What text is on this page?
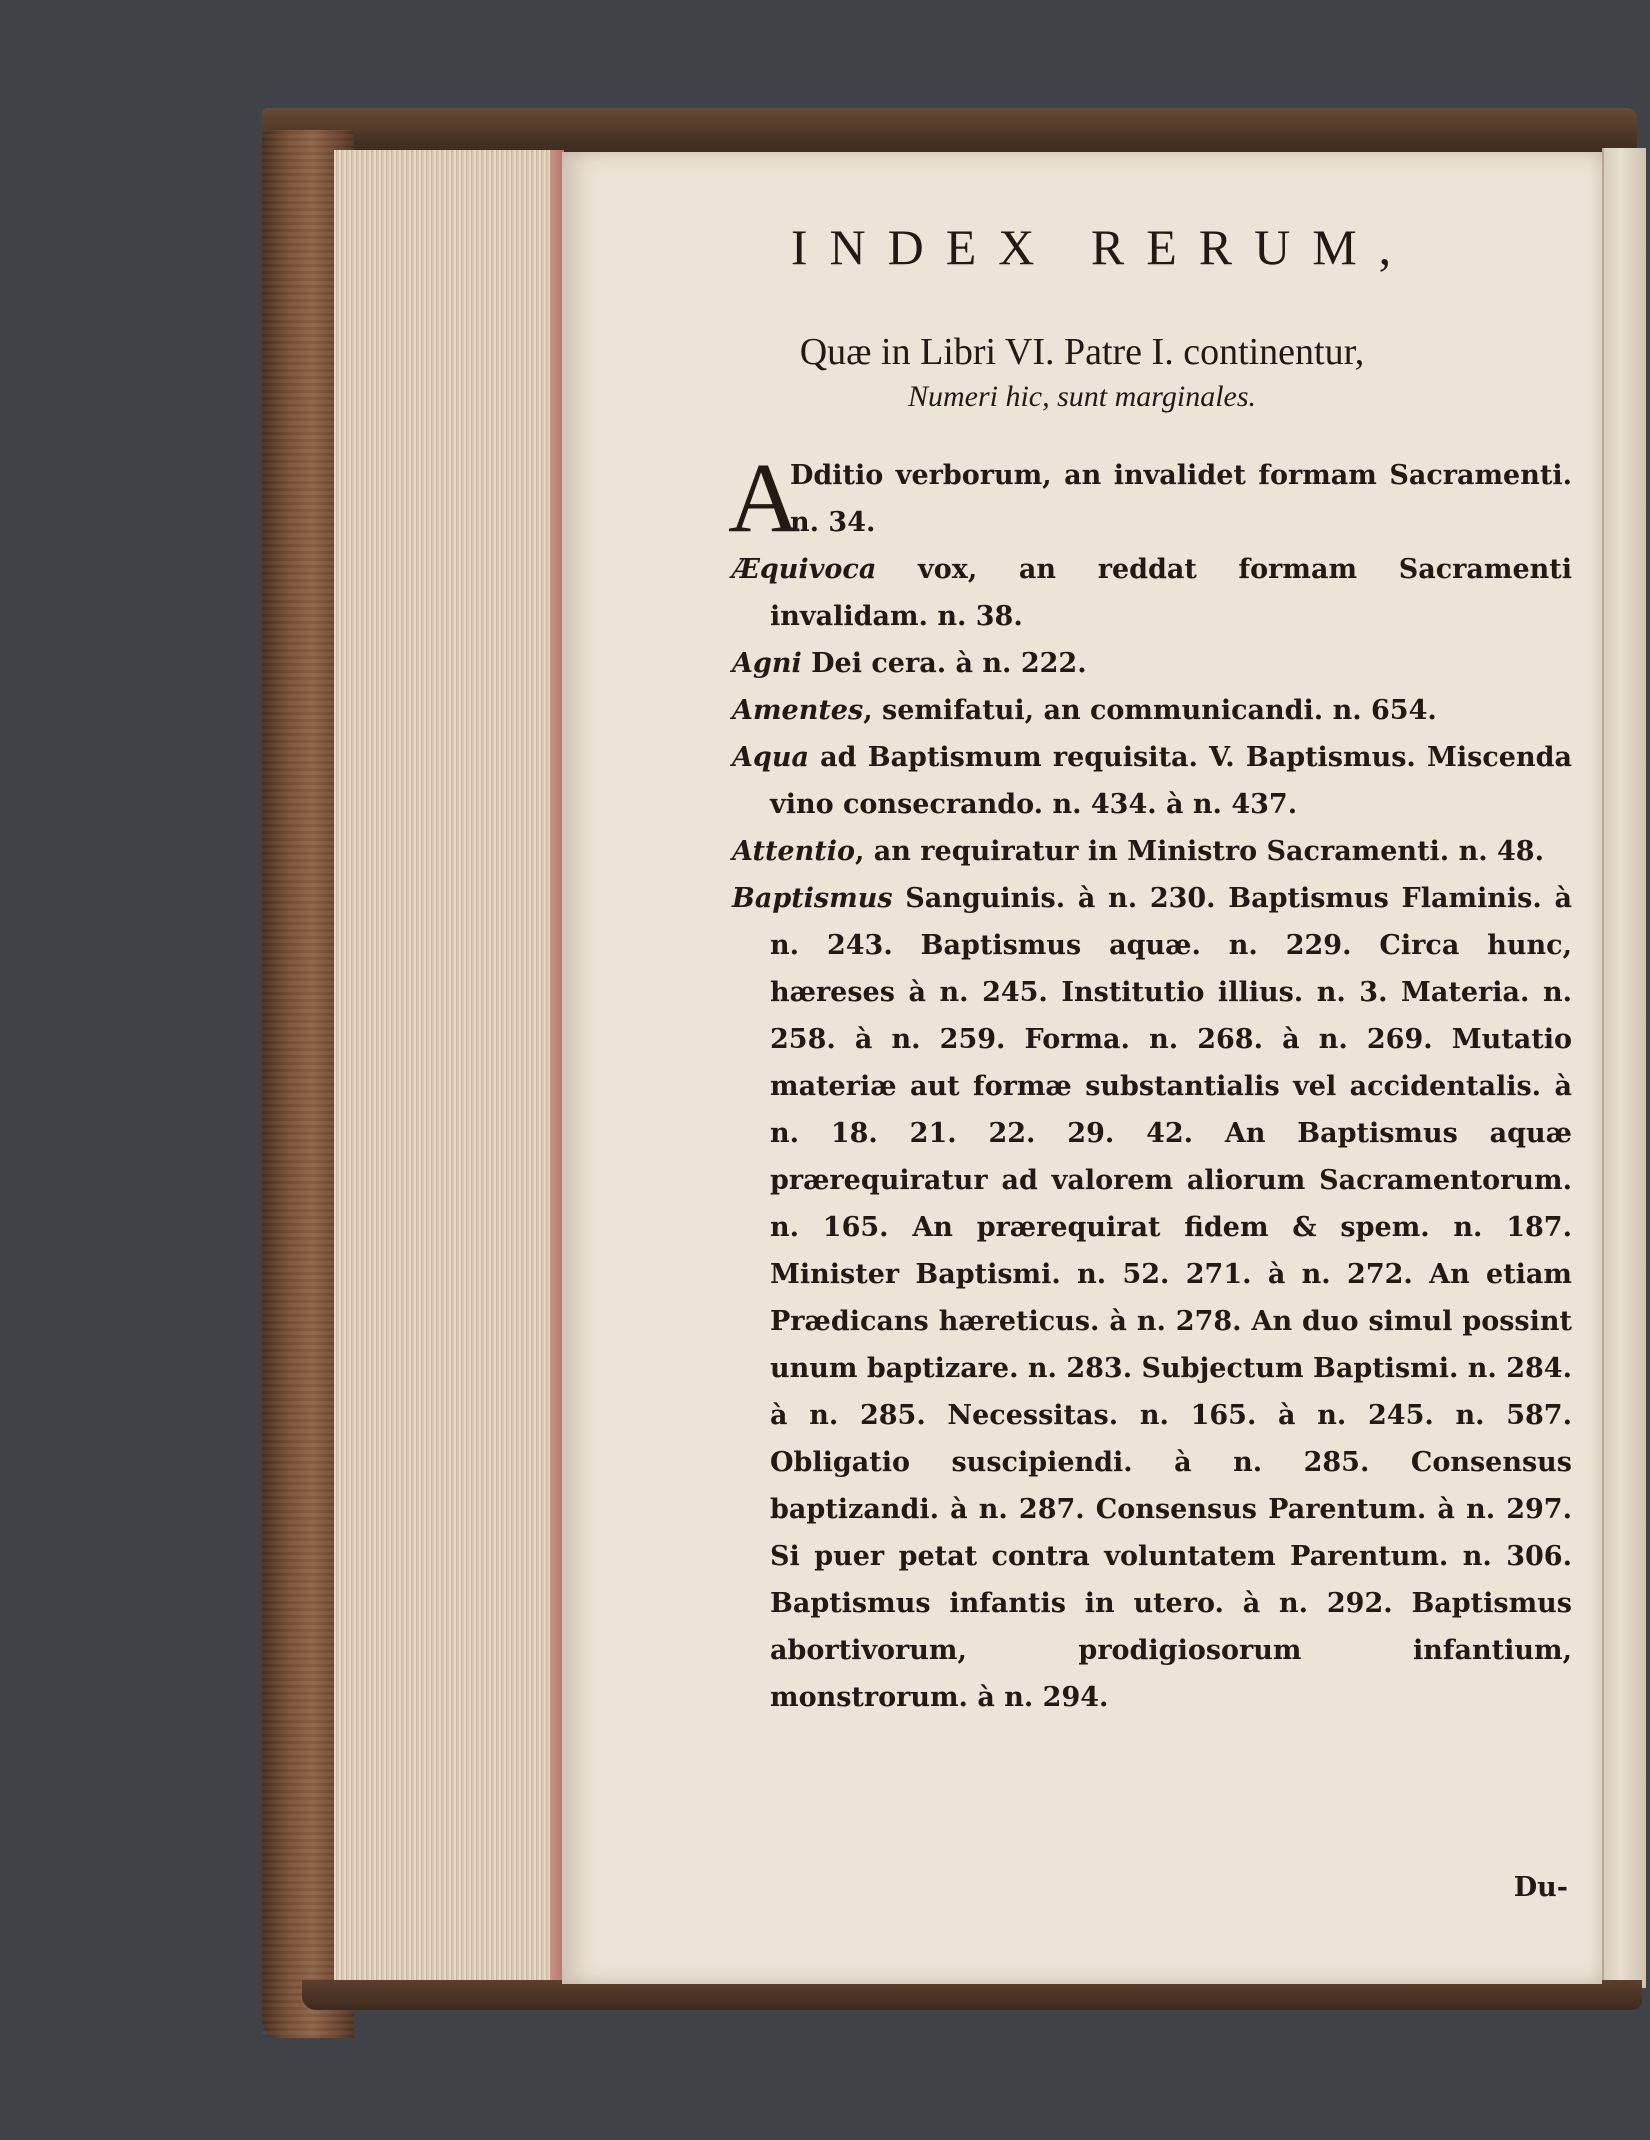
INDEX RERUM,
Quæ in Libri VI. Patre I. continentur,
Numeri hic, sunt marginales.
A
Dditio verborum, an invalidet formam Sacramenti. n. 34.
Æquivoca vox, an reddat formam Sacramenti invalidam. n. 38.
Agni Dei cera. à n. 222.
Amentes, semifatui, an communicandi. n. 654.
Aqua ad Baptismum requisita. V. Baptismus. Miscenda vino consecrando. n. 434. à n. 437.
Attentio, an requiratur in Ministro Sacramenti. n. 48.
Baptismus Sanguinis. à n. 230. Baptismus Flaminis. à n. 243. Baptismus aquæ. n. 229. Circa hunc, hæreses à n. 245. Institutio illius. n. 3. Materia. n. 258. à n. 259. Forma. n. 268. à n. 269. Mutatio materiæ aut formæ substantialis vel accidentalis. à n. 18. 21. 22. 29. 42. An Baptismus aquæ prærequiratur ad valorem aliorum Sacramentorum. n. 165. An prærequirat fidem & spem. n. 187. Minister Baptismi. n. 52. 271. à n. 272. An etiam Prædicans hæreticus. à n. 278. An duo simul possint unum baptizare. n. 283. Subjectum Baptismi. n. 284. à n. 285. Necessitas. n. 165. à n. 245. n. 587. Obligatio suscipiendi. à n. 285. Consensus baptizandi. à n. 287. Consensus Parentum. à n. 297. Si puer petat contra voluntatem Parentum. n. 306. Baptismus infantis in utero. à n. 292. Baptismus abortivorum, prodigiosorum infantium, monstrorum. à n. 294.
Du-
